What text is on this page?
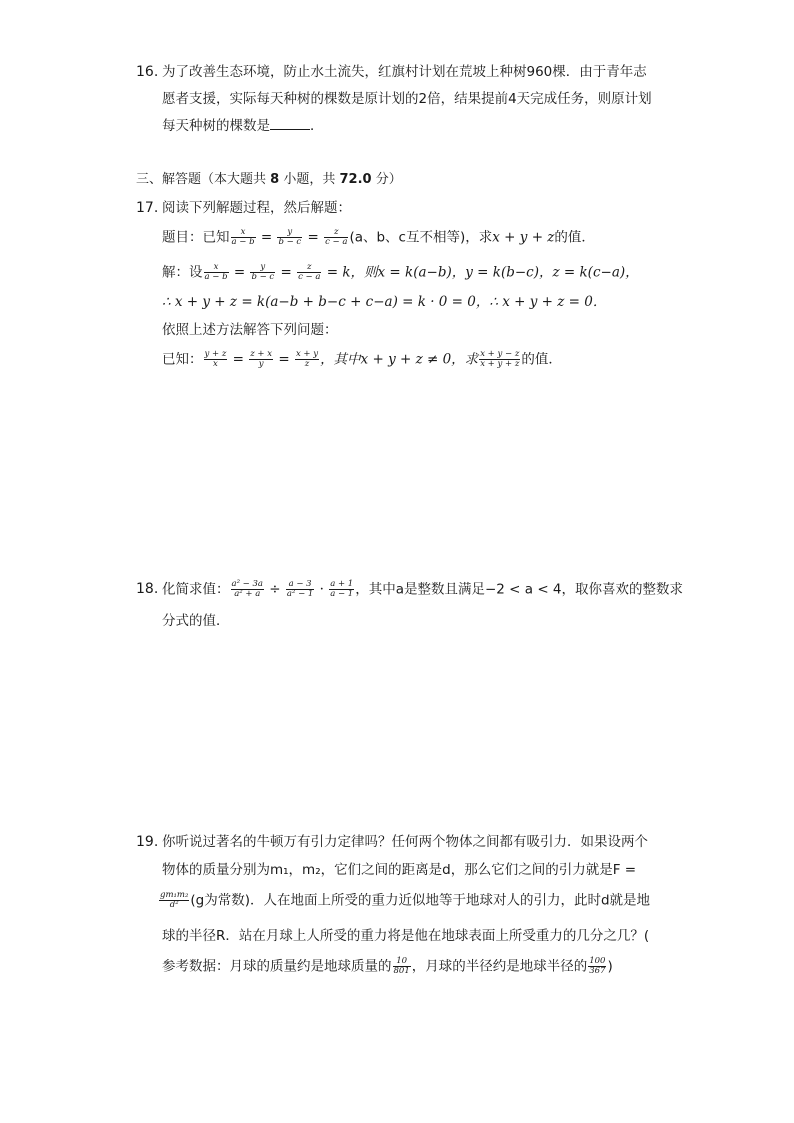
16. 为了改善生态环境，防止水土流失，红旗村计划在荒坡上种树960棵．由于青年志
愿者支援，实际每天种树的棵数是原计划的2倍，结果提前4天完成任务，则原计划
每天种树的棵数是	．
三、解答题（本大题共 8 小题，共 72.0 分）
17. 阅读下列解题过程，然后解题：
题目：已知 $\frac{x}{a - b} = \frac{y}{b - c} = \frac{z}{c - a} (a$、b、c互不相等)，求x + y + z的值．
解：设 $\frac{x}{a - b} = \frac{y}{b - c} = \frac{z}{c - a} = k$，则x = k(a−b)，y = k(b−c)，z = k(c−a)，
∴ x + y + z = k(a−b + b−c + c−a) = k · 0 = 0，∴ x + y + z = 0．
依照上述方法解答下列问题：
已知： $\frac{y + z}{x} = \frac{z + x}{y} = \frac{x + y}{z}$ ，其中x + y + z ≠ 0，求 $\frac{x + y - z}{x + y + z}$ 的值．
18. 化简求值： $\frac{\text{a² − 3a}}{\text{a² + a}} \div \frac{a - 3}{\text{a² − 1}} \cdot \frac{a + 1}{a - 1}$ ，其中a是整数且满足−2 < a < 4，取你喜欢的整数求
分式的值．
19. 你听说过著名的牛顿万有引力定律吗？任何两个物体之间都有吸引力．如果设两个
物体的质量分别为m₁，m₂，它们之间的距离是d，那么它们之间的引力就是F =
$\frac{\text{gm₁m₂}}{\text{d²}} (g$为常数)．人在地面上所受的重力近似地等于地球对人的引力，此时d就是地
球的半径R．站在月球上人所受的重力将是他在地球表面上所受重力的几分之几？(
参考数据：月球的质量约是地球质量的 $\frac{10}{801}$ ，月球的半径约是地球半径的 $\frac{100}{367}$ )
